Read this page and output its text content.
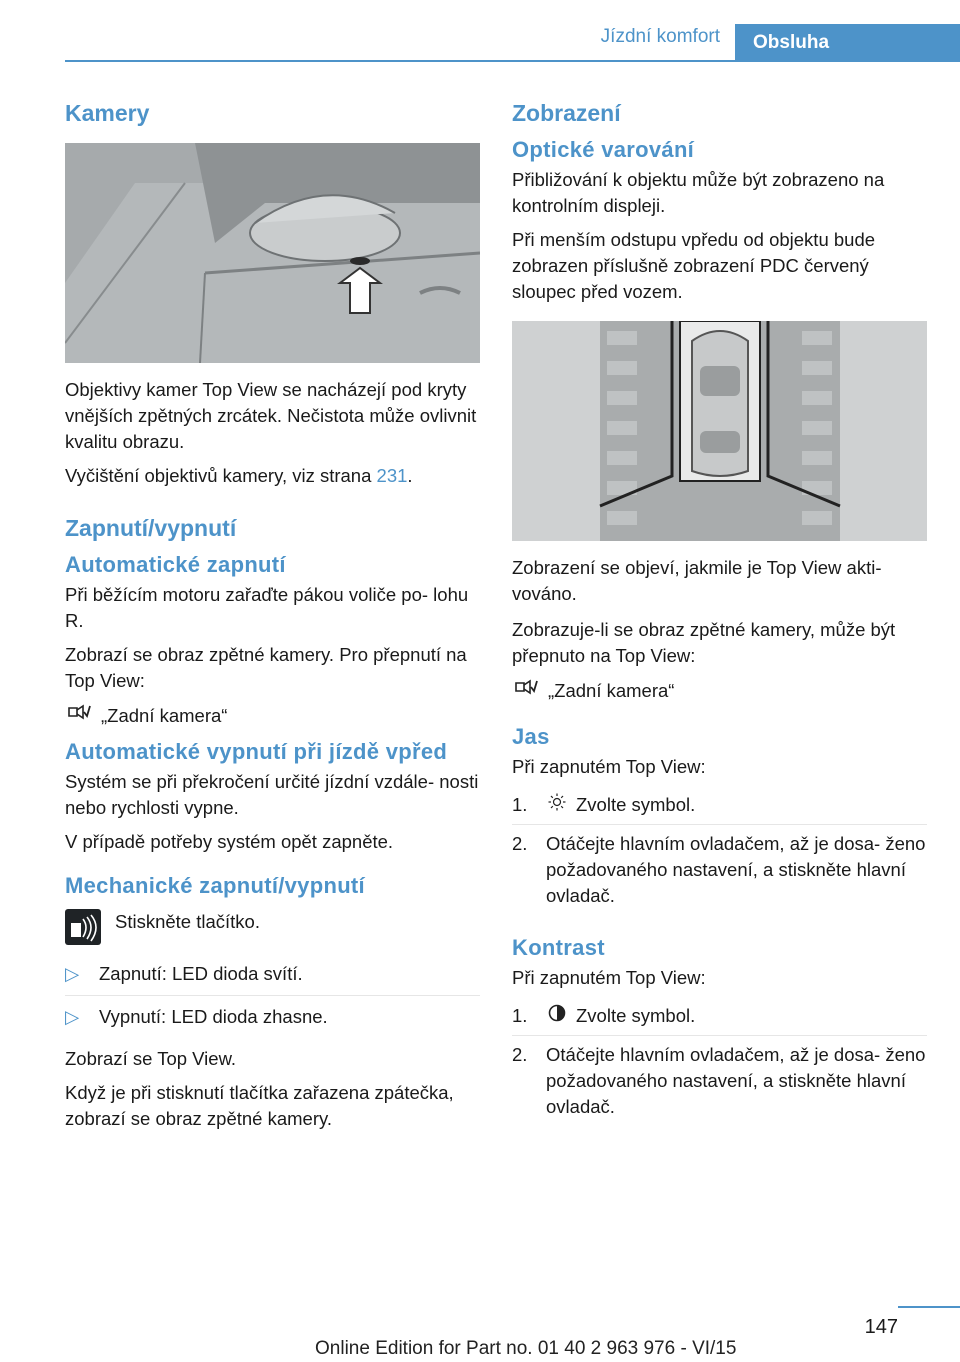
Jízdní komfort	Obsluha
Kamery

Objektivy kamer Top View se nacházejí pod kryty vnějších zpětných zrcátek. Nečistota může ovlivnit kvalitu obrazu.

Vyčištění objektivů kamery, viz strana 231.

Zapnutí/vypnutí
Automatické zapnutí

Při běžícím motoru zařaďte pákou voliče po‐ lohu R.

Zobrazí se obraz zpětné kamery. Pro přepnutí na Top View:

„Zadní kamera“
Automatické vypnutí při jízdě vpřed

Systém se při překročení určité jízdní vzdále‐ nosti nebo rychlosti vypne.

V případě potřeby systém opět zapněte.

Mechanické zapnutí/vypnutí

Stiskněte tlačítko.

▷	Zapnutí: LED dioda svítí.
▷	Vypnutí: LED dioda zhasne.

Zobrazí se Top View.

Když je při stisknutí tlačítka zařazena zpátečka, zobrazí se obraz zpětné kamery.

Zobrazení
Optické varování

Přibližování k objektu může být zobrazeno na kontrolním displeji.

Při menším odstupu vpředu od objektu bude zobrazen příslušně zobrazení PDC červený sloupec před vozem.

Zobrazení se objeví, jakmile je Top View akti‐ vováno.

Zobrazuje-li se obraz zpětné kamery, může být přepnuto na Top View:

„Zadní kamera“
Jas

Při zapnutém Top View:

1.	Zvolte symbol.
2.	Otáčejte hlavním ovladačem, až je dosa‐ ženo požadovaného nastavení, a stiskněte hlavní ovladač.
Kontrast

Při zapnutém Top View:

1.	Zvolte symbol.
2.	Otáčejte hlavním ovladačem, až je dosa‐ ženo požadovaného nastavení, a stiskněte hlavní ovladač.
147
Online Edition for Part no. 01 40 2 963 976 - VI/15
